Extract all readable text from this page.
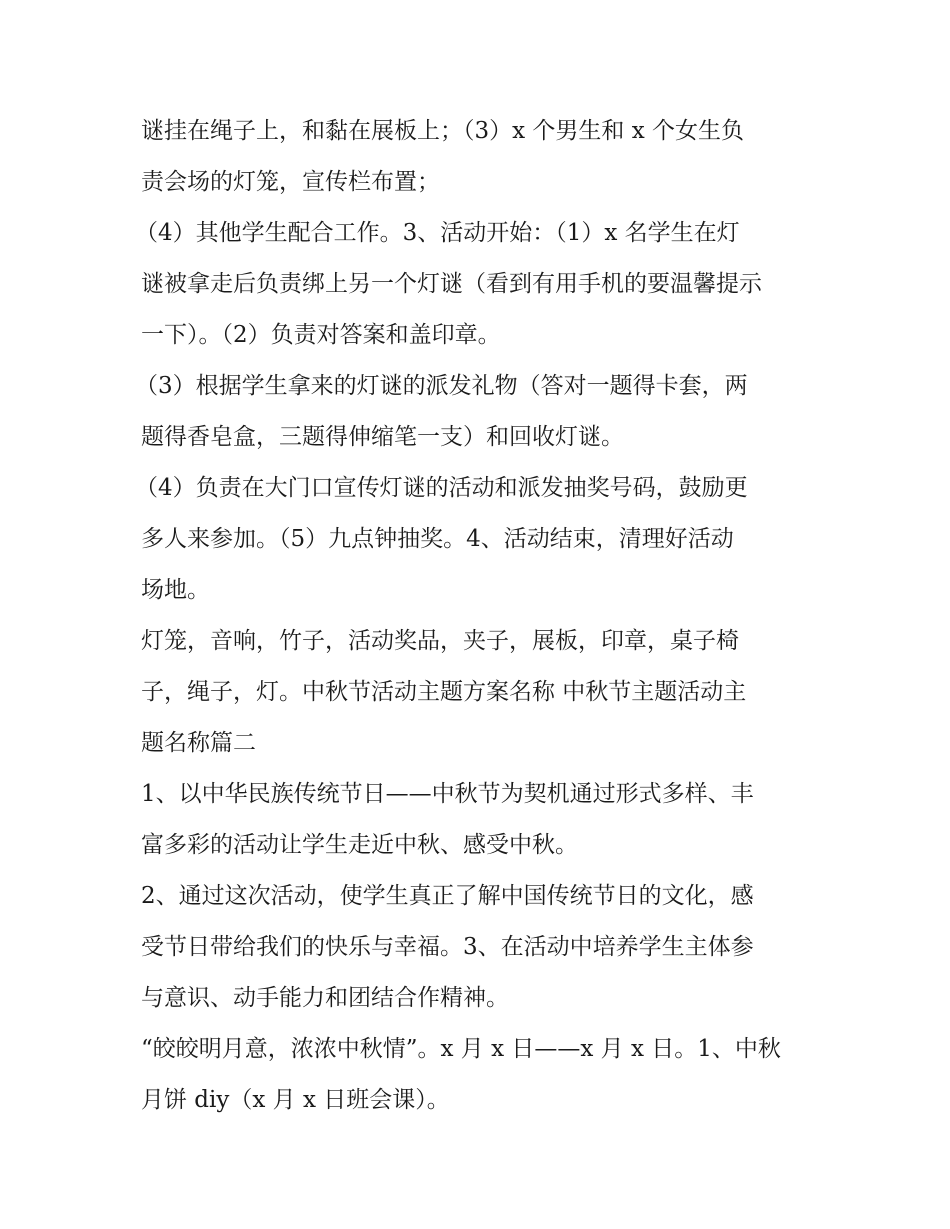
谜挂在绳子上，和黏在展板上；（3）x 个男生和 x 个女生负
责会场的灯笼，宣传栏布置；
（4）其他学生配合工作。3、活动开始：（1）x 名学生在灯
谜被拿走后负责绑上另一个灯谜（看到有用手机的要温馨提示
一下）。（2）负责对答案和盖印章。
（3）根据学生拿来的灯谜的派发礼物（答对一题得卡套，两
题得香皂盒，三题得伸缩笔一支）和回收灯谜。
（4）负责在大门口宣传灯谜的活动和派发抽奖号码，鼓励更
多人来参加。（5）九点钟抽奖。4、活动结束，清理好活动
场地。
灯笼，音响，竹子，活动奖品，夹子，展板，印章，桌子椅
子，绳子，灯。中秋节活动主题方案名称 中秋节主题活动主
题名称篇二
1、以中华民族传统节日——中秋节为契机通过形式多样、丰
富多彩的活动让学生走近中秋、感受中秋。
2、通过这次活动，使学生真正了解中国传统节日的文化，感
受节日带给我们的快乐与幸福。3、在活动中培养学生主体参
与意识、动手能力和团结合作精神。
“皎皎明月意，浓浓中秋情”。x 月 x 日——x 月 x 日。1、中秋
月饼 diy（x 月 x 日班会课）。
